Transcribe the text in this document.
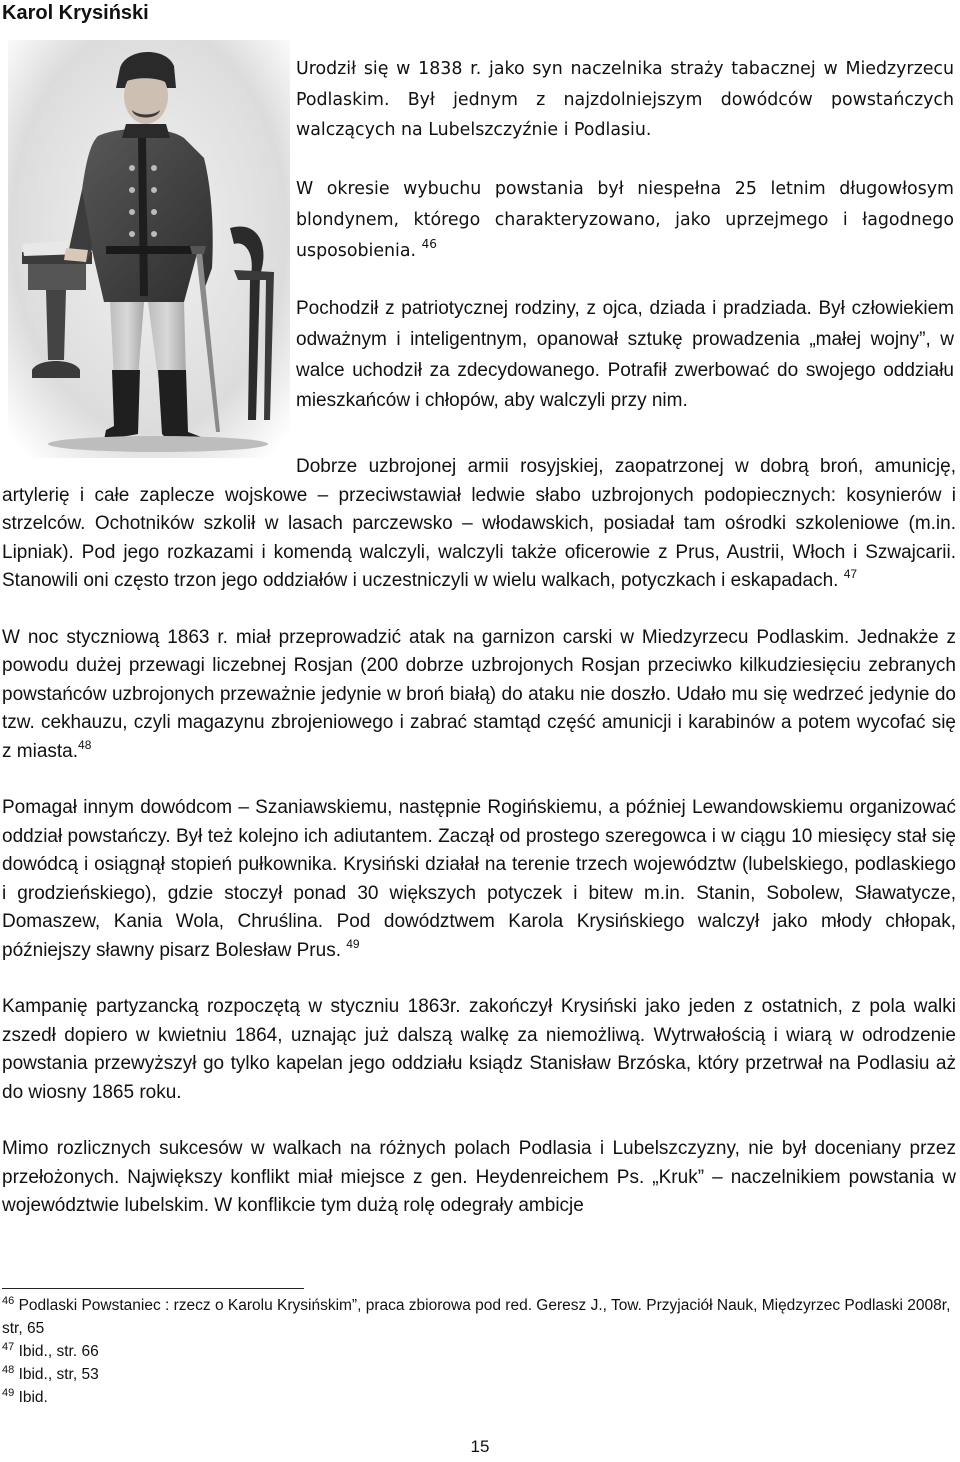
Karol Krysiński

Urodził się w 1838 r. jako syn naczelnika straży tabacznej w Miedzyrzecu Podlaskim. Był jednym z najzdolniejszym dowódców powstańczych walczących na Lubelszczyźnie i Podlasiu.

W okresie wybuchu powstania był niespełna 25 letnim długowłosym blondynem, którego charakteryzowano, jako uprzejmego i łagodnego usposobienia. $^{46}$

Pochodził z patriotycznej rodziny, z ojca, dziada i pradziada. Był człowiekiem odważnym i inteligentnym, opanował sztukę prowadzenia „małej wojny”, w walce uchodził za zdecydowanego. Potrafił zwerbować do swojego oddziału mieszkańców i chłopów, aby walczyli przy nim.

Dobrze uzbrojonej armii rosyjskiej, zaopatrzonej w dobrą broń, amunicję, artylerię i całe zaplecze wojskowe – przeciwstawiał ledwie słabo uzbrojonych podopiecznych: kosynierów i strzelców. Ochotników szkolił w lasach parczewsko – włodawskich, posiadał tam ośrodki szkoleniowe (m.in. Lipniak). Pod jego rozkazami i komendą walczyli, walczyli także oficerowie z Prus, Austrii, Włoch i Szwajcarii. Stanowili oni często trzon jego oddziałów i uczestniczyli w wielu walkach, potyczkach i eskapadach. $^{47}$

W noc styczniową 1863 r. miał przeprowadzić atak na garnizon carski w Miedzyrzecu Podlaskim. Jednakże z powodu dużej przewagi liczebnej Rosjan (200 dobrze uzbrojonych Rosjan przeciwko kilkudziesięciu zebranych powstańców uzbrojonych przeważnie jedynie w broń białą) do ataku nie doszło. Udało mu się wedrzeć jedynie do tzw. cekhauzu, czyli magazynu zbrojeniowego i zabrać stamtąd część amunicji i karabinów a potem wycofać się z miasta.$^{48}$

Pomagał innym dowódcom – Szaniawskiemu, następnie Rogińskiemu, a później Lewandowskiemu organizować oddział powstańczy. Był też kolejno ich adiutantem. Zaczął od prostego szeregowca i w ciągu 10 miesięcy stał się dowódcą i osiągnął stopień pułkownika. Krysiński działał na terenie trzech województw (lubelskiego, podlaskiego i grodzieńskiego), gdzie stoczył ponad 30 większych potyczek i bitew m.in. Stanin, Sobolew, Sławatycze, Domaszew, Kania Wola, Chruślina. Pod dowództwem Karola Krysińskiego walczył jako młody chłopak, późniejszy sławny pisarz Bolesław Prus. $^{49}$

Kampanię partyzancką rozpoczętą w styczniu 1863r. zakończył Krysiński jako jeden z ostatnich, z pola walki zszedł dopiero w kwietniu 1864, uznając już dalszą walkę za niemożliwą. Wytrwałością i wiarą w odrodzenie powstania przewyższył go tylko kapelan jego oddziału ksiądz Stanisław Brzóska, który przetrwał na Podlasiu aż do wiosny 1865 roku.

Mimo rozlicznych sukcesów w walkach na różnych polach Podlasia i Lubelszczyzny, nie był doceniany przez przełożonych. Największy konflikt miał miejsce z gen. Heydenreichem Ps. „Kruk” – naczelnikiem powstania w województwie lubelskim. W konflikcie tym dużą rolę odegrały ambicje

$^{46}$ Podlaski Powstaniec : rzecz o Karolu Krysińskim”, praca zbiorowa pod red. Geresz J., Tow. Przyjaciół Nauk, Międzyrzec Podlaski 2008r, str, 65
$^{47}$ Ibid., str. 66
$^{48}$ Ibid., str, 53
$^{49}$ Ibid.
15
